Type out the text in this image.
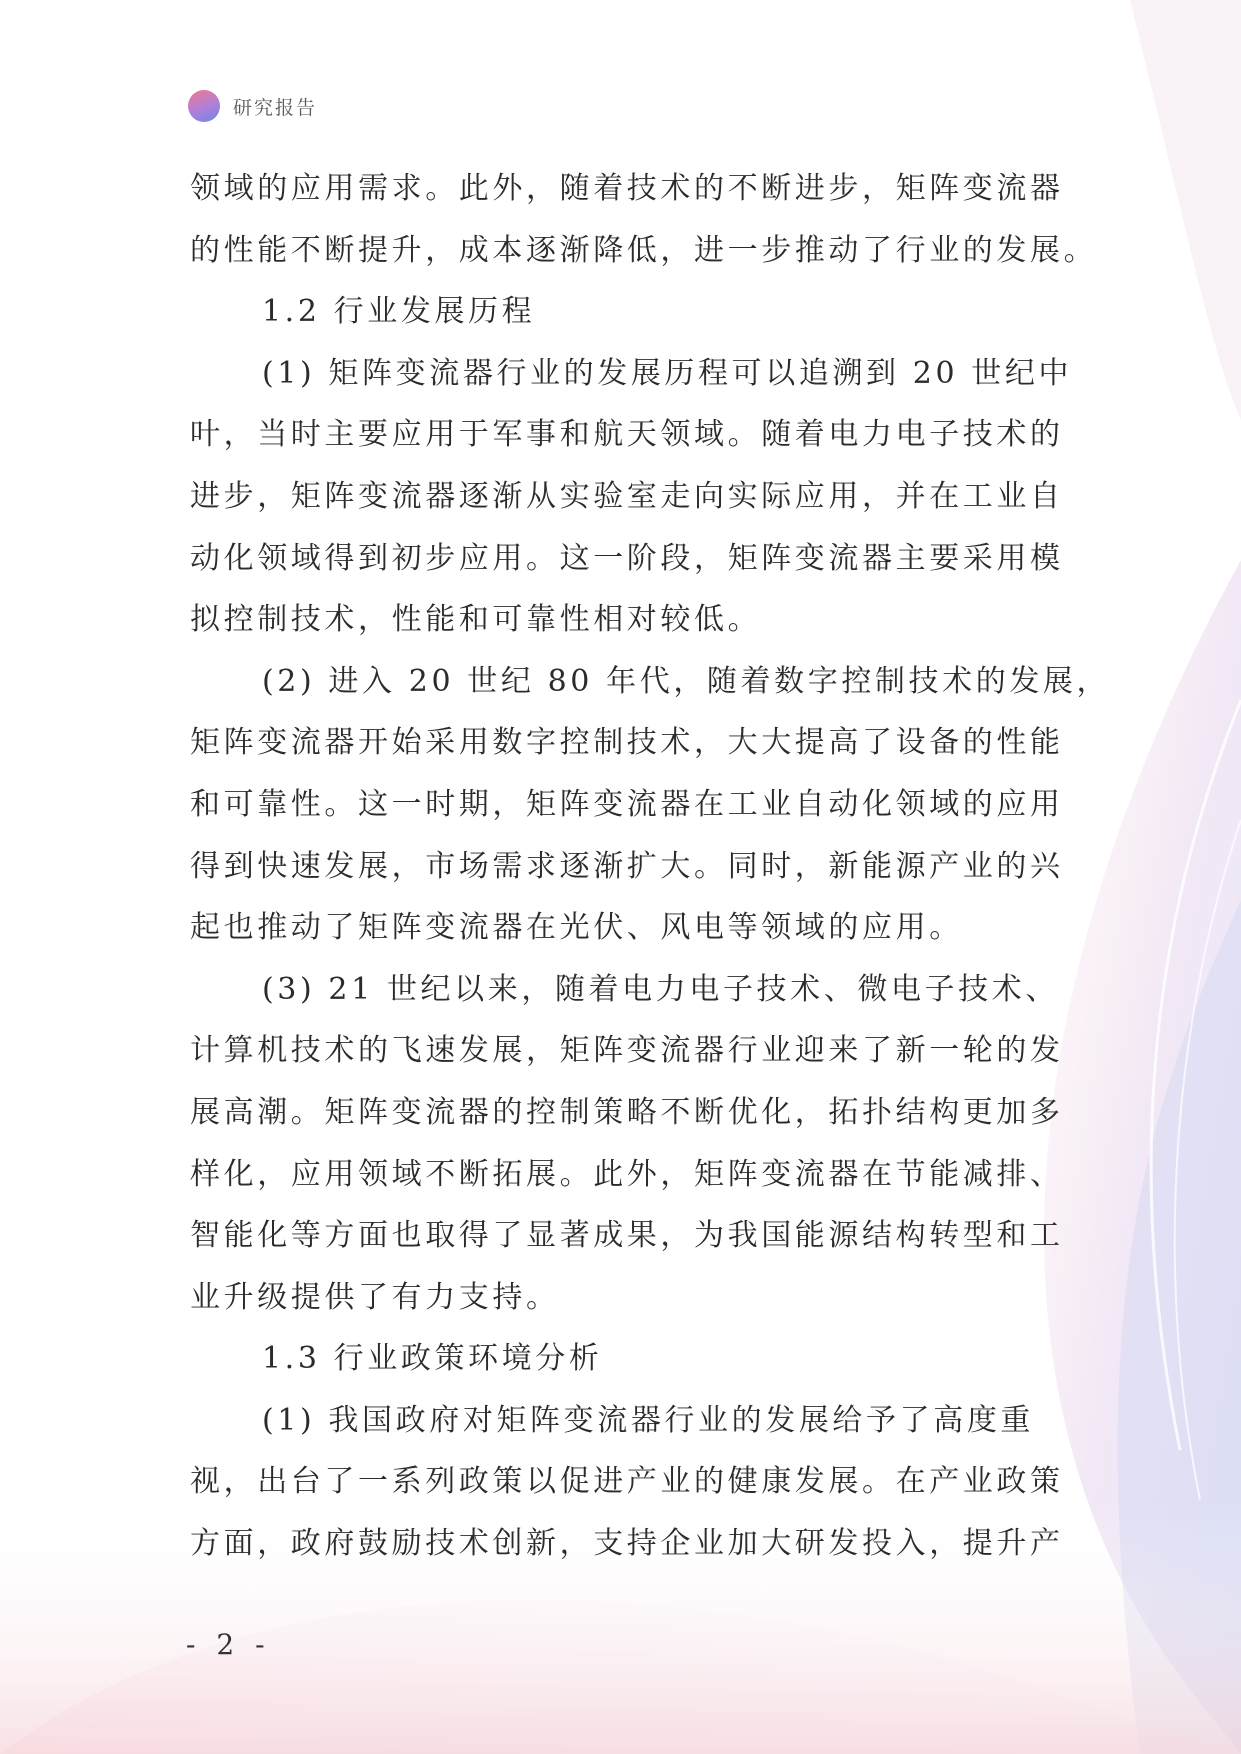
研究报告
领域的应用需求。此外，随着技术的不断进步，矩阵变流器
的性能不断提升，成本逐渐降低，进一步推动了行业的发展。
1.2 行业发展历程
(1) 矩阵变流器行业的发展历程可以追溯到 20 世纪中
叶，当时主要应用于军事和航天领域。随着电力电子技术的
进步，矩阵变流器逐渐从实验室走向实际应用，并在工业自
动化领域得到初步应用。这一阶段，矩阵变流器主要采用模
拟控制技术，性能和可靠性相对较低。
(2) 进入 20 世纪 80 年代，随着数字控制技术的发展，
矩阵变流器开始采用数字控制技术，大大提高了设备的性能
和可靠性。这一时期，矩阵变流器在工业自动化领域的应用
得到快速发展，市场需求逐渐扩大。同时，新能源产业的兴
起也推动了矩阵变流器在光伏、风电等领域的应用。
(3) 21 世纪以来，随着电力电子技术、微电子技术、
计算机技术的飞速发展，矩阵变流器行业迎来了新一轮的发
展高潮。矩阵变流器的控制策略不断优化，拓扑结构更加多
样化，应用领域不断拓展。此外，矩阵变流器在节能减排、
智能化等方面也取得了显著成果，为我国能源结构转型和工
业升级提供了有力支持。
1.3 行业政策环境分析
(1) 我国政府对矩阵变流器行业的发展给予了高度重
视，出台了一系列政策以促进产业的健康发展。在产业政策
方面，政府鼓励技术创新，支持企业加大研发投入，提升产
- 2 -
